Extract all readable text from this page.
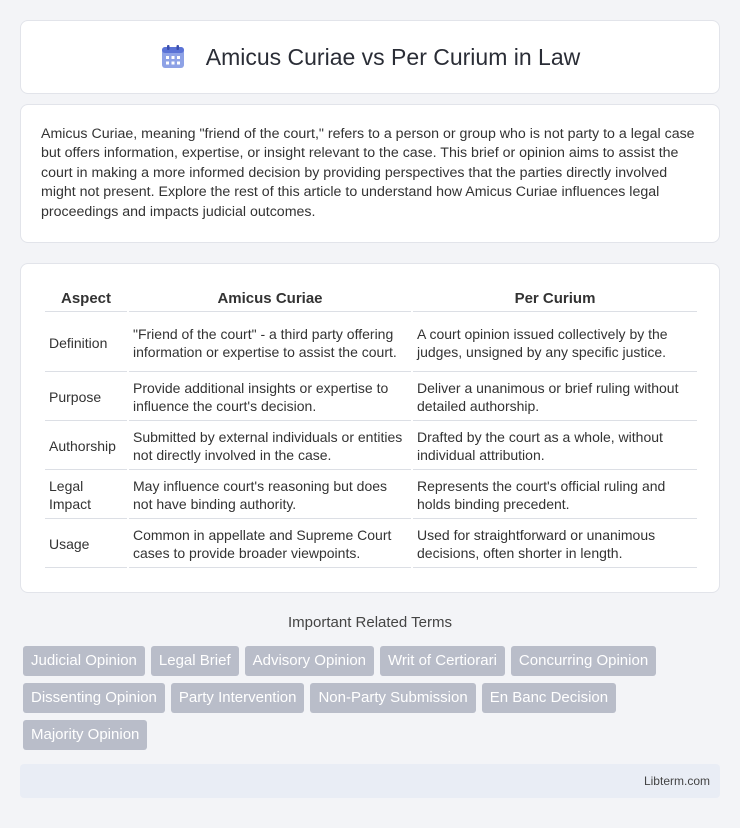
Amicus Curiae vs Per Curium in Law

Amicus Curiae, meaning "friend of the court," refers to a person or group who is not party to a legal case but offers information, expertise, or insight relevant to the case. This brief or opinion aims to assist the court in making a more informed decision by providing perspectives that the parties directly involved might not present. Explore the rest of this article to understand how Amicus Curiae influences legal proceedings and impacts judicial outcomes.

Aspect	Amicus Curiae	Per Curium
Definition	"Friend of the court" - a third party offering information or expertise to assist the court.	A court opinion issued collectively by the judges, unsigned by any specific justice.
Purpose	Provide additional insights or expertise to influence the court's decision.	Deliver a unanimous or brief ruling without detailed authorship.
Authorship	Submitted by external individuals or entities not directly involved in the case.	Drafted by the court as a whole, without individual attribution.
Legal Impact	May influence court's reasoning but does not have binding authority.	Represents the court's official ruling and holds binding precedent.
Usage	Common in appellate and Supreme Court cases to provide broader viewpoints.	Used for straightforward or unanimous decisions, often shorter in length.
Important Related Terms
Judicial Opinion	Legal Brief	Advisory Opinion	Writ of Certiorari	Concurring Opinion
Dissenting Opinion	Party Intervention	Non-Party Submission	En Banc Decision
Majority Opinion
Libterm.com
